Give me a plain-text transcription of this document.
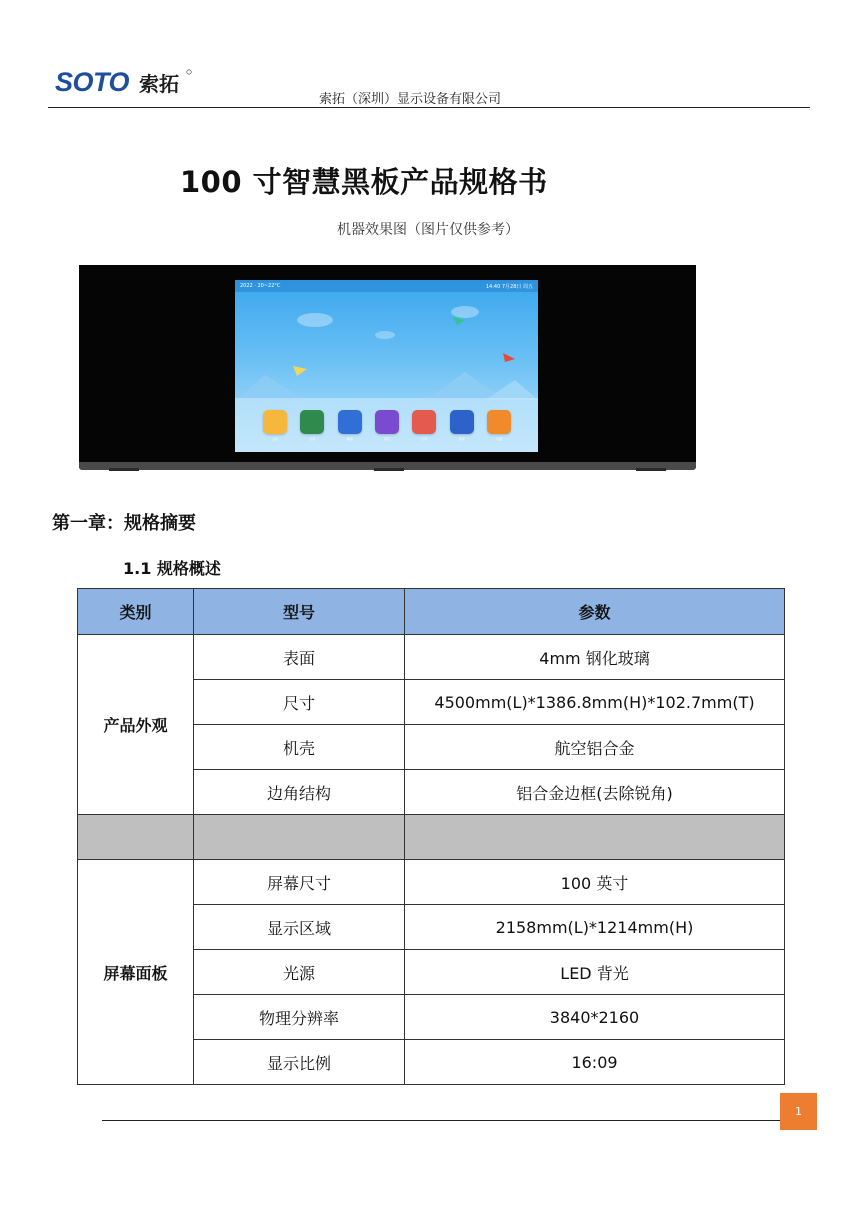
SOTO 索拓
索拓（深圳）显示设备有限公司
100 寸智慧黑板产品规格书
机器效果图（图片仅供参考）
2022 · 20~22°C	14:40 7月28日 周五
文件	白板	播放	相机	应用	投屏	设置
第一章：规格摘要
1.1 规格概述
类别	型号	参数
产品外观	表面	4mm 钢化玻璃
	尺寸	4500mm(L)*1386.8mm(H)*102.7mm(T)
	机壳	航空铝合金
	边角结构	铝合金边框(去除锐角)

屏幕面板	屏幕尺寸	100 英寸
	显示区域	2158mm(L)*1214mm(H)
	光源	LED 背光
	物理分辨率	3840*2160
	显示比例	16:09
1
